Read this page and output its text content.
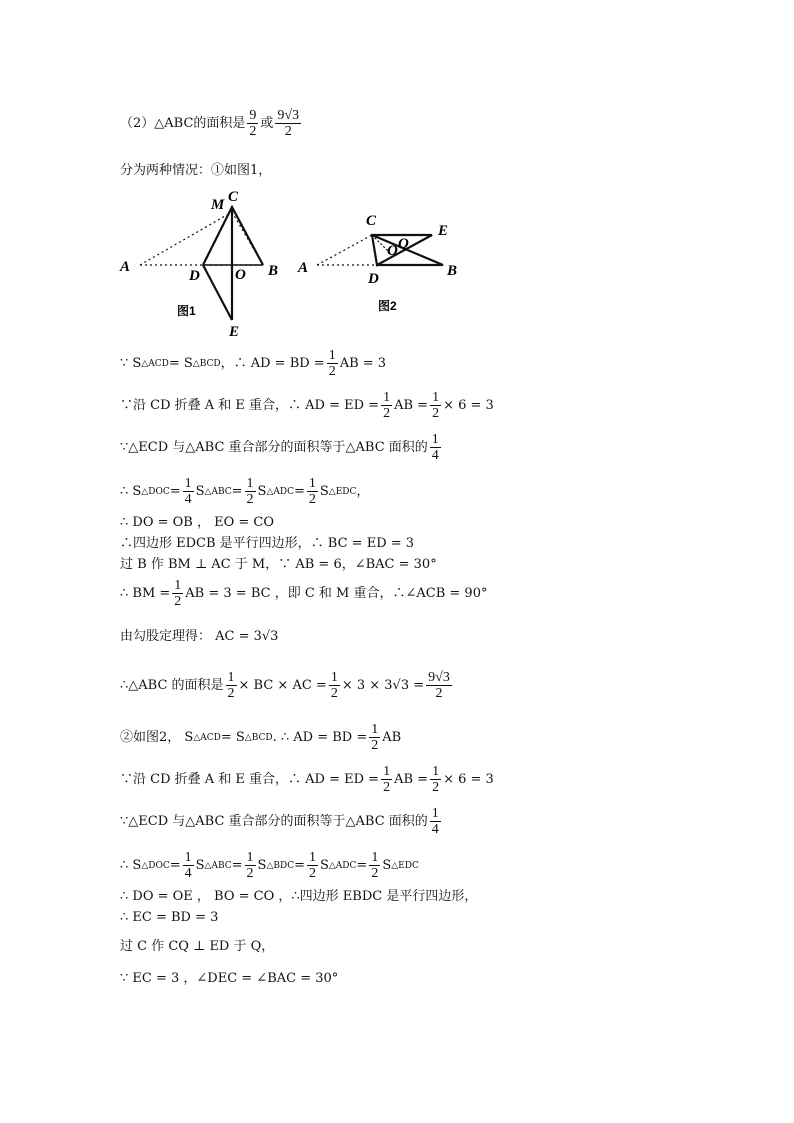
（2）△ABC的面积是 $\frac{9}{2}$ 或 $\frac{9√3}{2}$
分为两种情况：①如图1，
A
M C
D O B
E
图1
A
C
E
O Q
D	B
图2
∵ S △ACD = S △BCD ，∴ AD = BD = $\frac{1}{2}$ AB = 3
∵沿 CD 折叠 A 和 E 重合，∴ AD = ED = $\frac{1}{2}$ AB = $\frac{1}{2} \times 6 = 3$
∵△ECD 与△ABC 重合部分的面积等于△ABC 面积的 $\frac{1}{4}$
∴ S △DOC = $\frac{1}{4}$ S △ABC = $\frac{1}{2}$ S △ADC = $\frac{1}{2}$ S △EDC ，
∴ DO = OB ， EO = CO
∴四边形 EDCB 是平行四边形，∴ BC = ED = 3
过 B 作 BM ⊥ AC 于 M，∵ AB = 6，∠BAC = 30°
∴ BM = $\frac{1}{2}$ AB = 3 = BC ，即 C 和 M 重合，∴∠ACB = 90°
由勾股定理得： AC = 3√3
∴△ABC 的面积是 $\frac{1}{2}$ × BC × AC = $\frac{1}{2} \times 3 \times 3√3 = \frac{9√3}{2}$
②如图2， S △ACD = S △BCD . ∴ AD = BD = $\frac{1}{2}$ AB
∵沿 CD 折叠 A 和 E 重合，∴ AD = ED = $\frac{1}{2}$ AB = $\frac{1}{2} \times 6 = 3$
∵△ECD 与△ABC 重合部分的面积等于△ABC 面积的 $\frac{1}{4}$
∴ S △DOC = $\frac{1}{4}$ S △ABC = $\frac{1}{2}$ S △BDC = $\frac{1}{2}$ S △ADC = $\frac{1}{2}$ S △EDC
∴ DO = OE ， BO = CO ，∴四边形 EBDC 是平行四边形，
∴ EC = BD = 3
过 C 作 CQ ⊥ ED 于 Q，
∵ EC = 3 ，∠DEC = ∠BAC = 30°
